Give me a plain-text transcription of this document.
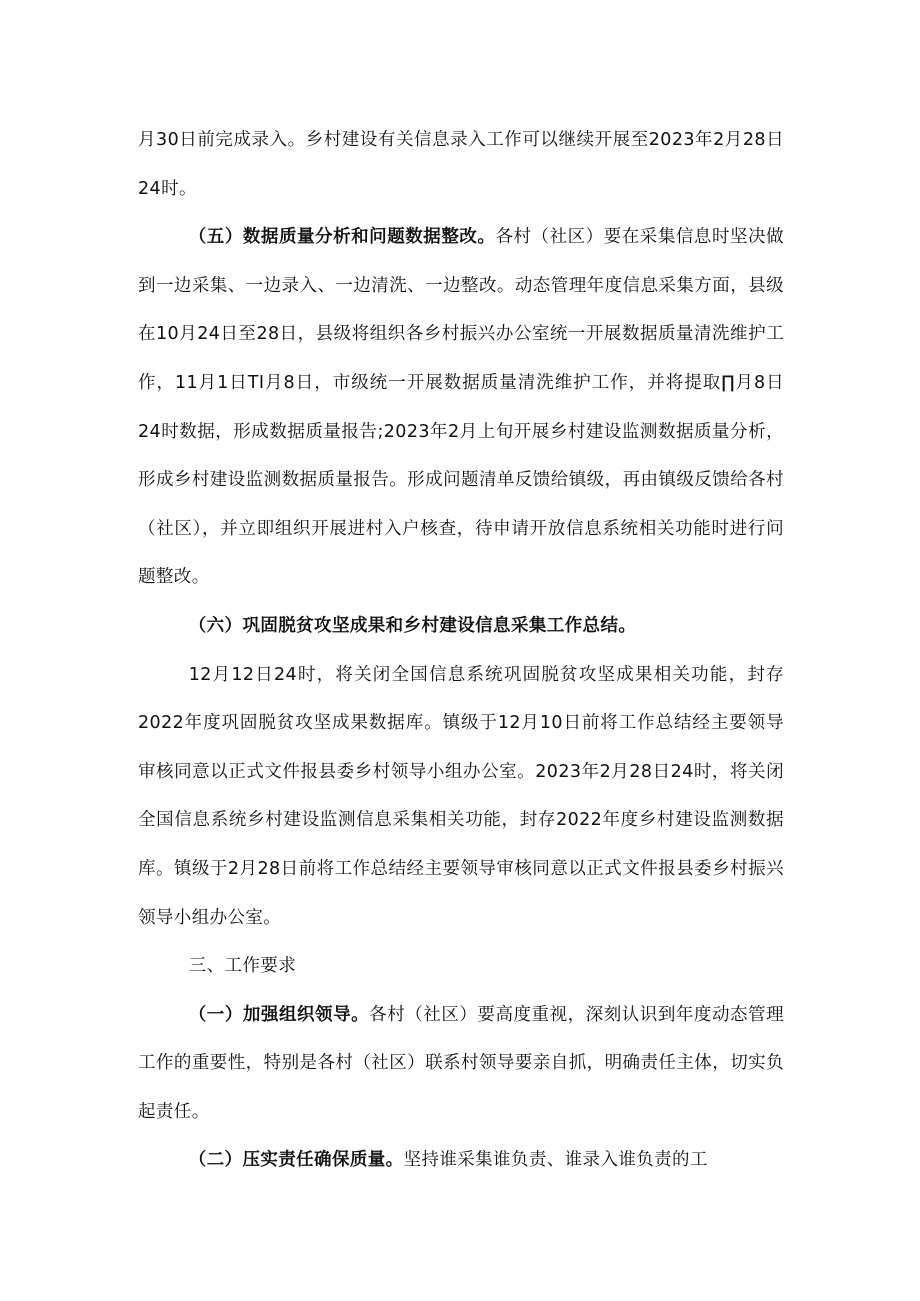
月30日前完成录入。乡村建设有关信息录入工作可以继续开展至2023年2月28日24时。

（五）数据质量分析和问题数据整改。各村（社区）要在采集信息时坚决做到一边采集、一边录入、一边清洗、一边整改。动态管理年度信息采集方面，县级在10月24日至28日，县级将组织各乡村振兴办公室统一开展数据质量清洗维护工作，11月1日TI月8日，市级统一开展数据质量清洗维护工作，并将提取∏月8日24时数据，形成数据质量报告;2023年2月上旬开展乡村建设监测数据质量分析，形成乡村建设监测数据质量报告。形成问题清单反馈给镇级，再由镇级反馈给各村（社区），并立即组织开展进村入户核查，待申请开放信息系统相关功能时进行问题整改。

（六）巩固脱贫攻坚成果和乡村建设信息采集工作总结。

12月12日24时，将关闭全国信息系统巩固脱贫攻坚成果相关功能，封存2022年度巩固脱贫攻坚成果数据库。镇级于12月10日前将工作总结经主要领导审核同意以正式文件报县委乡村领导小组办公室。2023年2月28日24时，将关闭全国信息系统乡村建设监测信息采集相关功能，封存2022年度乡村建设监测数据库。镇级于2月28日前将工作总结经主要领导审核同意以正式文件报县委乡村振兴领导小组办公室。

三、工作要求

（一）加强组织领导。各村（社区）要高度重视，深刻认识到年度动态管理工作的重要性，特别是各村（社区）联系村领导要亲自抓，明确责任主体，切实负起责任。

（二）压实责任确保质量。坚持谁采集谁负责、谁录入谁负责的工
